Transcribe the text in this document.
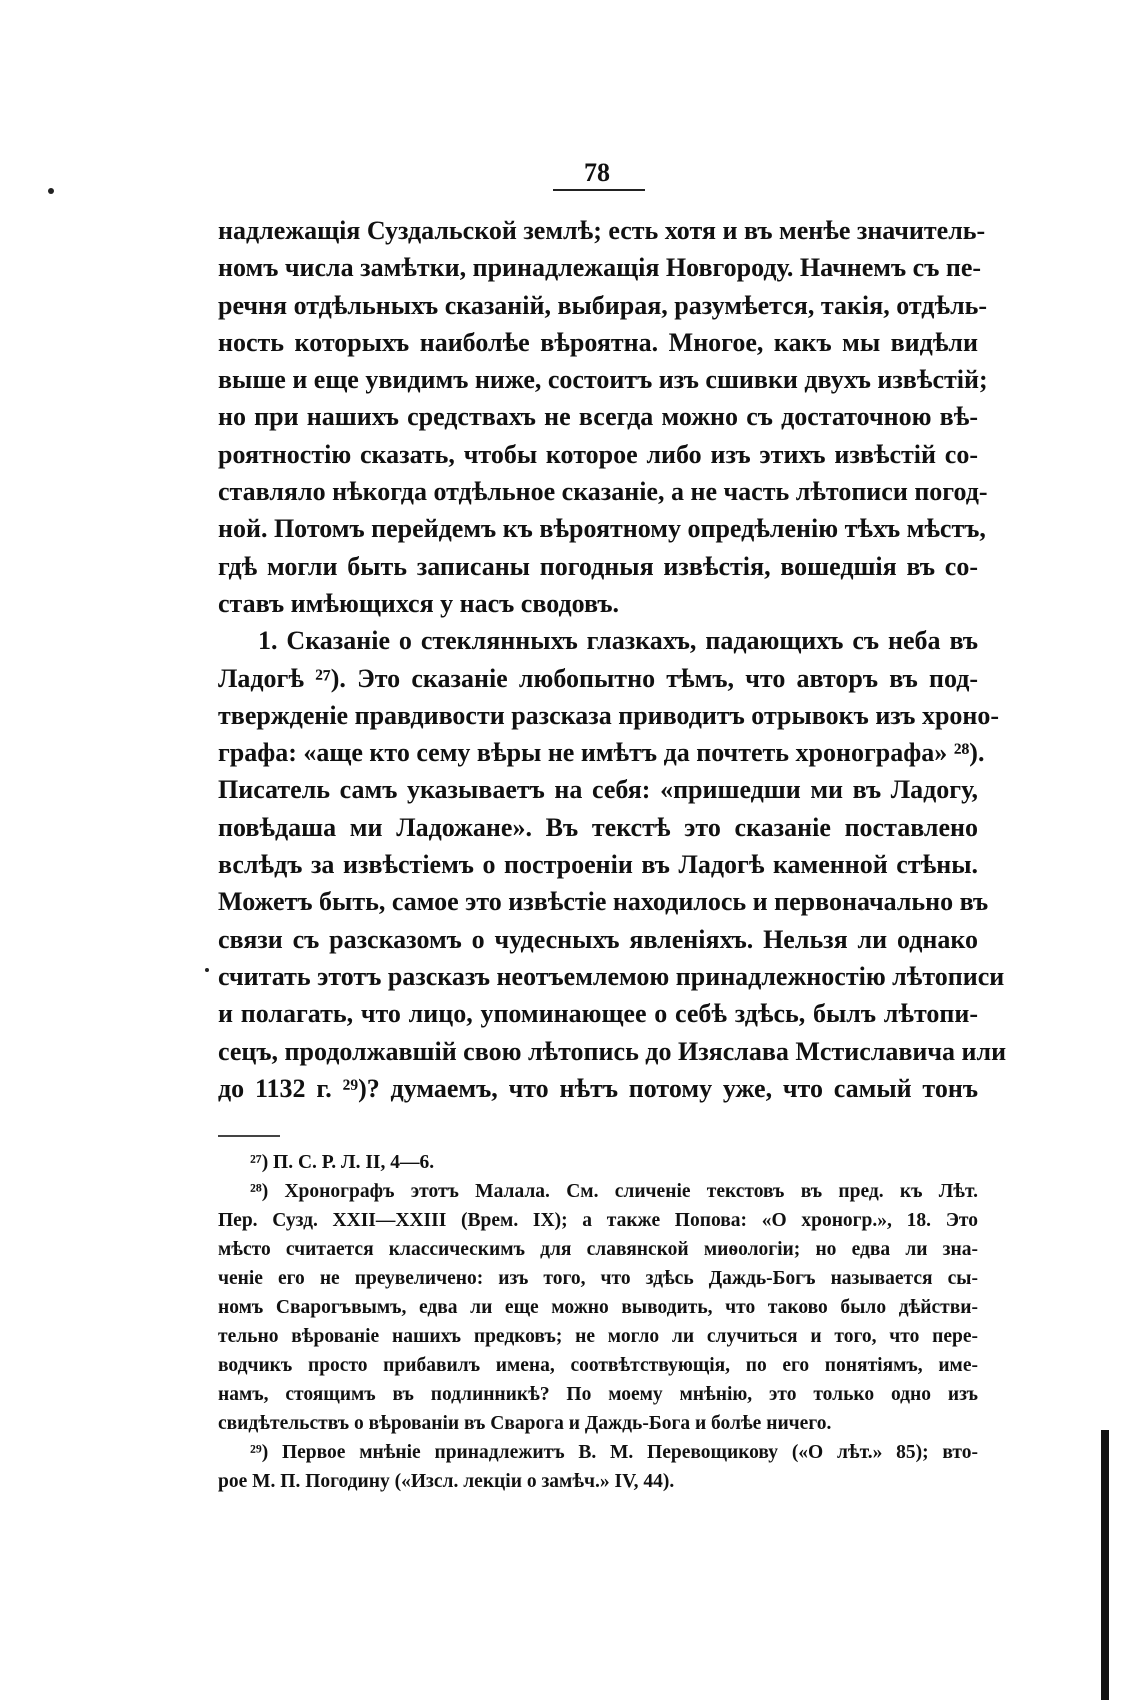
78
надлежащія Суздальской землѣ; есть хотя и въ менѣе значитель-
номъ числа замѣтки, принадлежащія Новгороду. Начнемъ съ пе-
речня отдѣльныхъ сказаній, выбирая, разумѣется, такія, отдѣль-
ность которыхъ наиболѣе вѣроятна. Многое, какъ мы видѣли
выше и еще увидимъ ниже, состоитъ изъ сшивки двухъ извѣстій;
но при нашихъ средствахъ не всегда можно съ достаточною вѣ-
роятностію сказать, чтобы которое либо изъ этихъ извѣстій со-
ставляло нѣкогда отдѣльное сказаніе, а не часть лѣтописи погод-
ной. Потомъ перейдемъ къ вѣроятному опредѣленію тѣхъ мѣстъ,
гдѣ могли быть записаны погодныя извѣстія, вошедшія въ со-
ставъ имѣющихся у насъ сводовъ.
1. Сказаніе о стеклянныхъ глазкахъ, падающихъ съ неба въ
Ладогѣ ²⁷). Это сказаніе любопытно тѣмъ, что авторъ въ под-
твержденіе правдивости разсказа приводитъ отрывокъ изъ хроно-
графа: «аще кто сему вѣры не имѣтъ да почтеть хронографа» ²⁸).
Писатель самъ указываетъ на себя: «пришедши ми въ Ладогу,
повѣдаша ми Ладожане». Въ текстѣ это сказаніе поставлено
вслѣдъ за извѣстіемъ о построеніи въ Ладогѣ каменной стѣны.
Можетъ быть, самое это извѣстіе находилось и первоначально въ
связи съ разсказомъ о чудесныхъ явленіяхъ. Нельзя ли однако
считать этотъ разсказъ неотъемлемою принадлежностію лѣтописи
и полагать, что лицо, упоминающее о себѣ здѣсь, былъ лѣтопи-
сецъ, продолжавшій свою лѣтопись до Изяслава Мстиславича или
до 1132 г. ²⁹)? думаемъ, что нѣтъ потому уже, что самый тонъ
²⁷) П. С. Р. Л. II, 4—6.
²⁸) Хронографъ этотъ Малала. См. сличеніе текстовъ въ пред. къ Лѣт.
Пер. Сузд. XXII—XXIII (Врем. IX); а также Попова: «О хроногр.», 18. Это
мѣсто считается классическимъ для славянской миѳологіи; но едва ли зна-
ченіе его не преувеличено: изъ того, что здѣсь Даждь-Богъ называется сы-
номъ Сварогъвымъ, едва ли еще можно выводить, что таково было дѣйстви-
тельно вѣрованіе нашихъ предковъ; не могло ли случиться и того, что пере-
водчикъ просто прибавилъ имена, соотвѣтствующія, по его понятіямъ, име-
намъ, стоящимъ въ подлинникѣ? По моему мнѣнію, это только одно изъ
свидѣтельствъ о вѣрованіи въ Сварога и Даждь-Бога и болѣе ничего.
²⁹) Первое мнѣніе принадлежитъ В. М. Перевощикову («О лѣт.» 85); вто-
рое М. П. Погодину («Изсл. лекціи о замѣч.» IV, 44).
